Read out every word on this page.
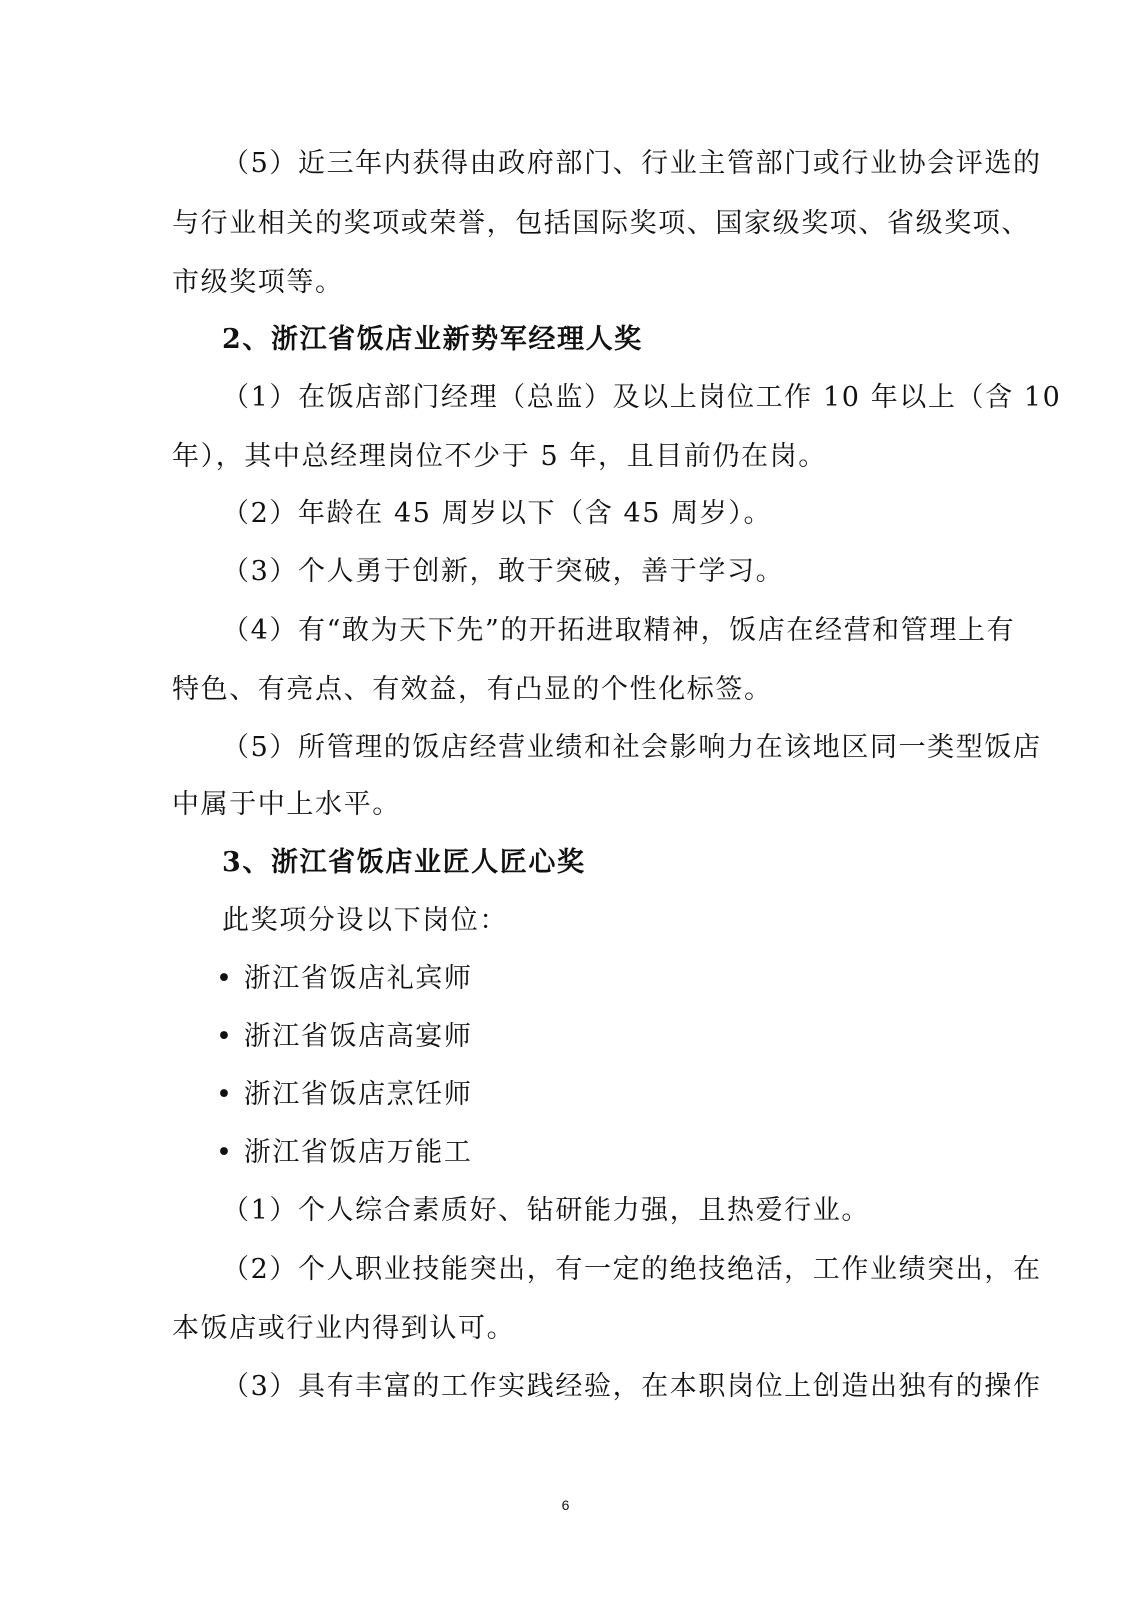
（5）近三年内获得由政府部门、行业主管部门或行业协会评选的
与行业相关的奖项或荣誉，包括国际奖项、国家级奖项、省级奖项、
市级奖项等。
2、浙江省饭店业新势军经理人奖
（1）在饭店部门经理（总监）及以上岗位工作 10 年以上（含 10
年），其中总经理岗位不少于 5 年，且目前仍在岗。
（2）年龄在 45 周岁以下（含 45 周岁）。
（3）个人勇于创新，敢于突破，善于学习。
（4）有“敢为天下先”的开拓进取精神，饭店在经营和管理上有
特色、有亮点、有效益，有凸显的个性化标签。
（5）所管理的饭店经营业绩和社会影响力在该地区同一类型饭店
中属于中上水平。
3、浙江省饭店业匠人匠心奖
此奖项分设以下岗位：
• 浙江省饭店礼宾师
• 浙江省饭店高宴师
• 浙江省饭店烹饪师
• 浙江省饭店万能工
（1）个人综合素质好、钻研能力强，且热爱行业。
（2）个人职业技能突出，有一定的绝技绝活，工作业绩突出，在
本饭店或行业内得到认可。
（3）具有丰富的工作实践经验，在本职岗位上创造出独有的操作
6
